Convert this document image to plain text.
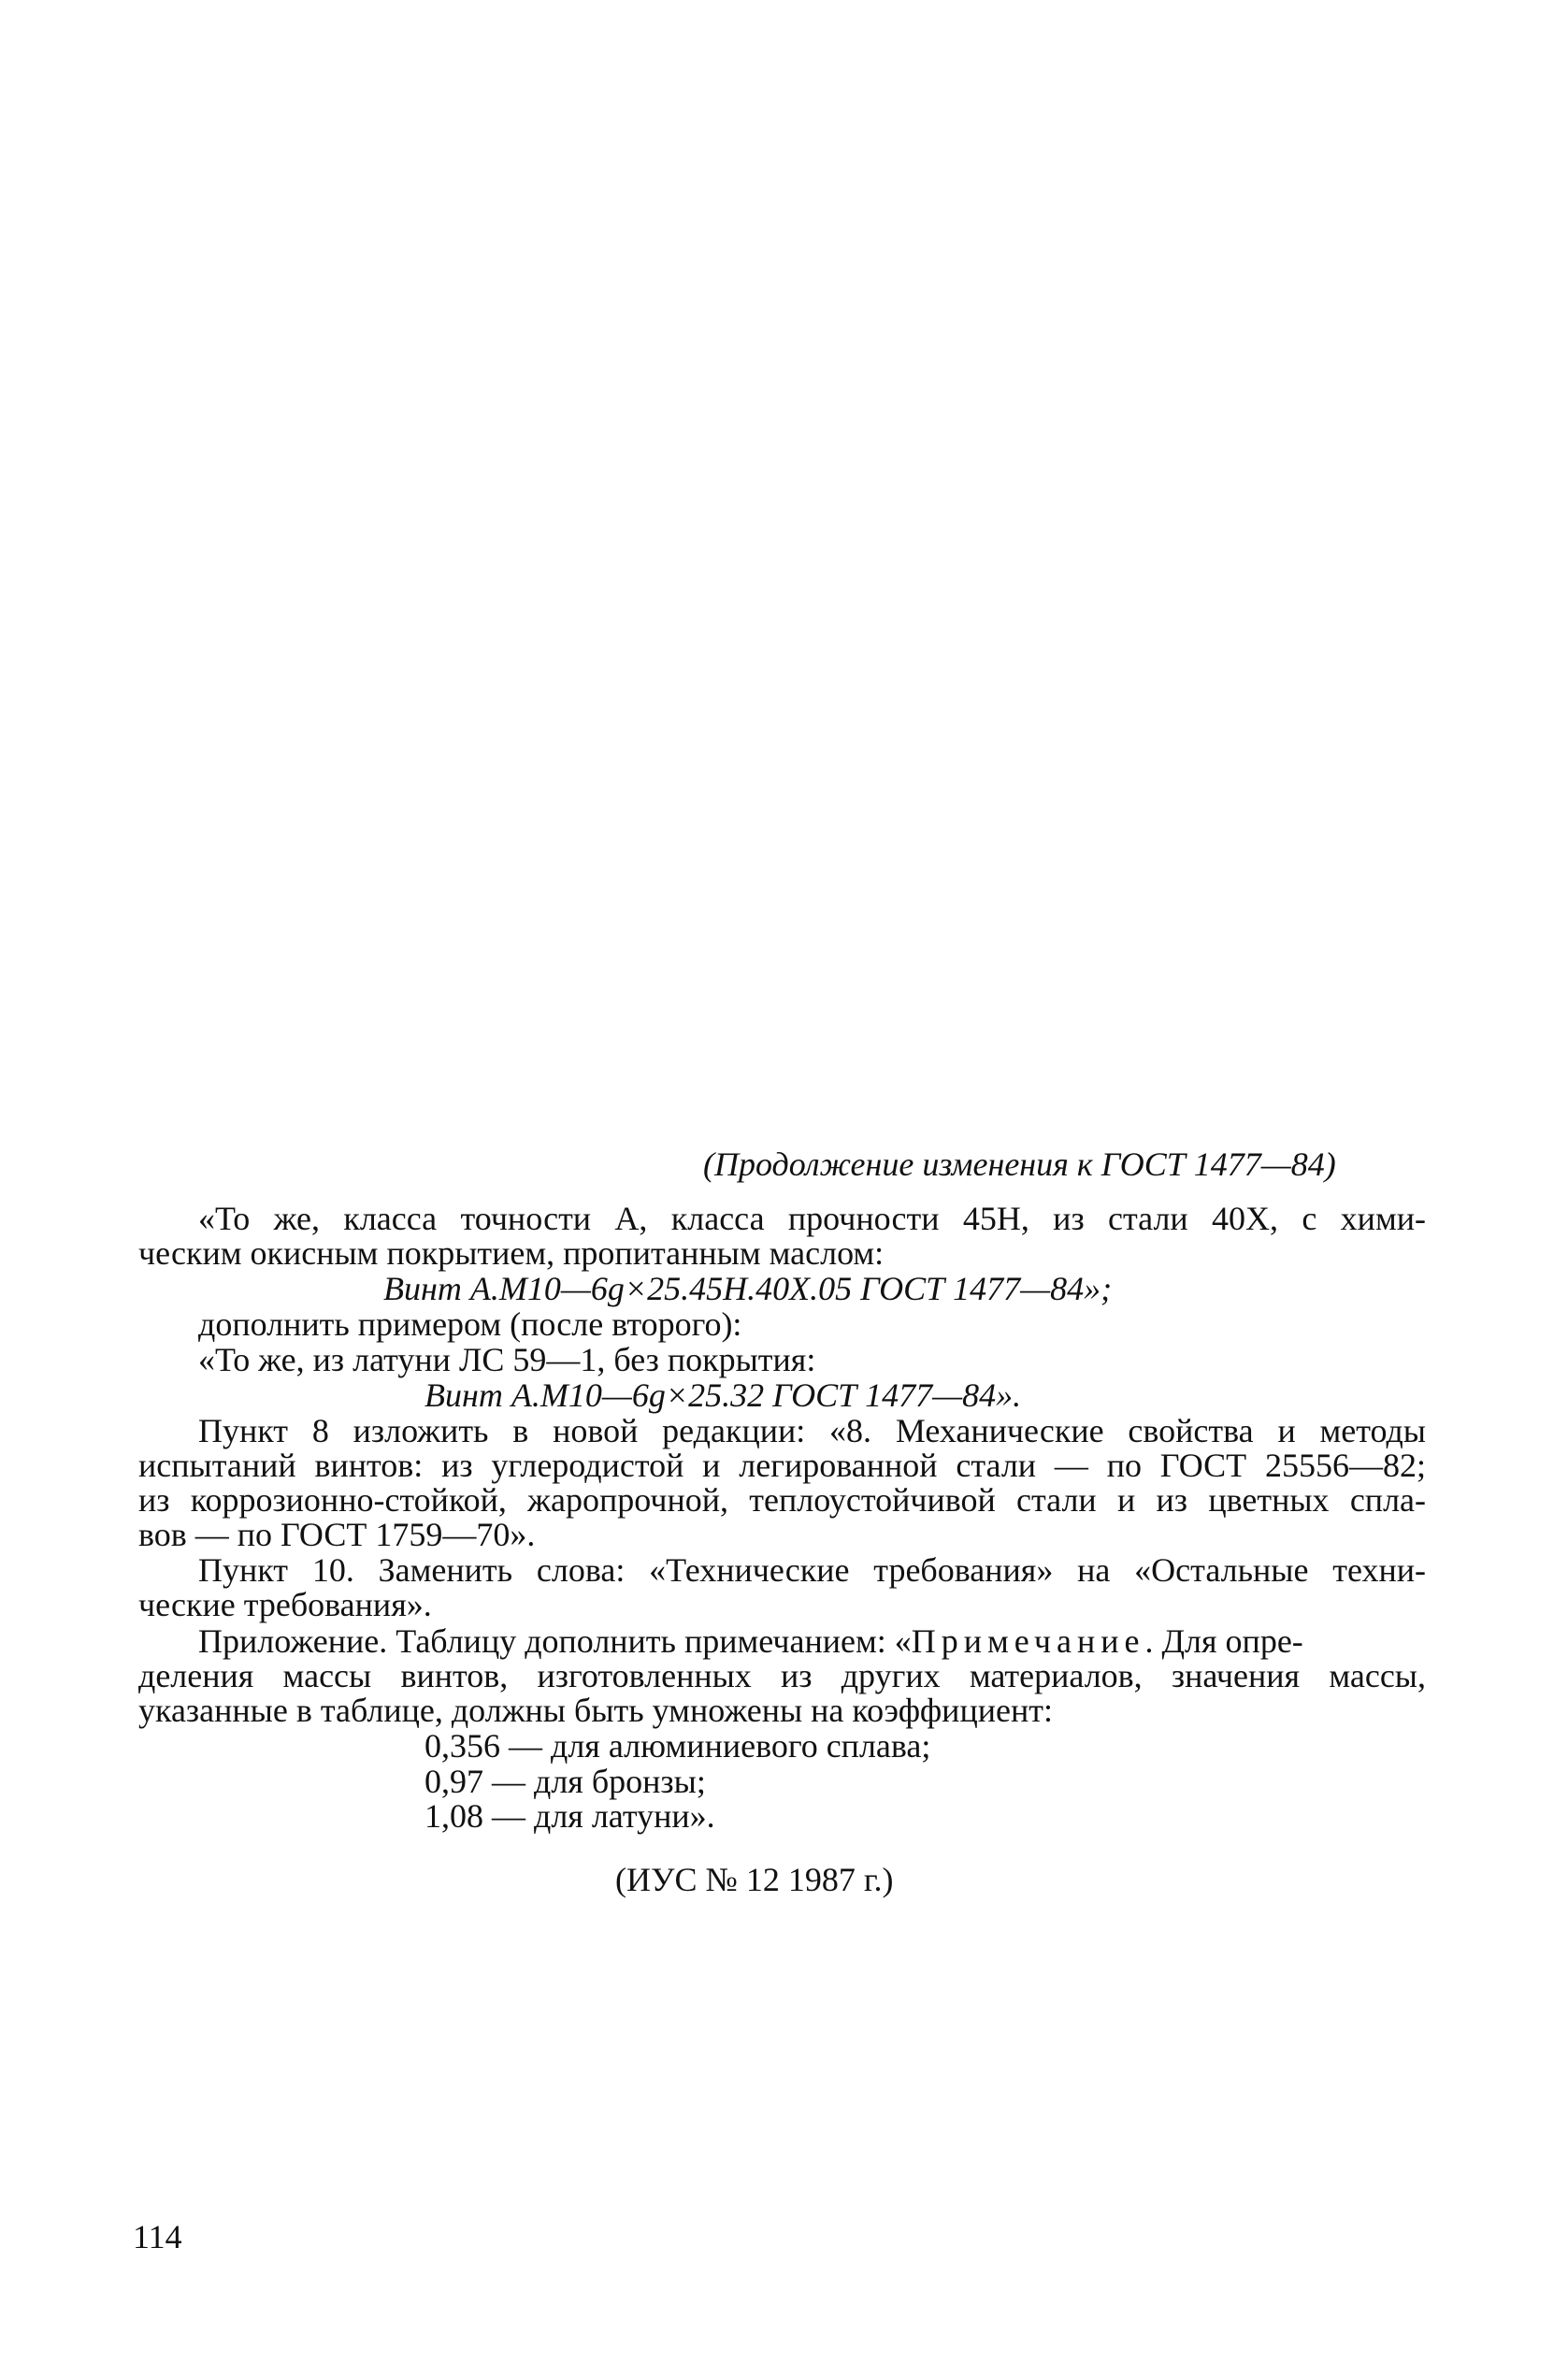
(Продолжение изменения к ГОСТ 1477—84)
«То же, класса точности А, класса прочности 45Н, из стали 40Х, с хими-
ческим окисным покрытием, пропитанным маслом:
Винт А.М10—6g×25.45Н.40Х.05 ГОСТ 1477—84»;
дополнить примером (после второго):
«То же, из латуни ЛС 59—1, без покрытия:
Винт А.М10—6g×25.32 ГОСТ 1477—84».
Пункт 8 изложить в новой редакции: «8. Механические свойства и методы
испытаний винтов: из углеродистой и легированной стали — по ГОСТ 25556—82;
из коррозионно-стойкой, жаропрочной, теплоустойчивой стали и из цветных спла-
вов — по ГОСТ 1759—70».
Пункт 10. Заменить слова: «Технические требования» на «Остальные техни-
ческие требования».
Приложение. Таблицу дополнить примечанием: «Примечание. Для опре-
деления массы винтов, изготовленных из других материалов, значения массы,
указанные в таблице, должны быть умножены на коэффициент:
0,356 — для алюминиевого сплава;
0,97 — для бронзы;
1,08 — для латуни».
(ИУС № 12 1987 г.)
114
